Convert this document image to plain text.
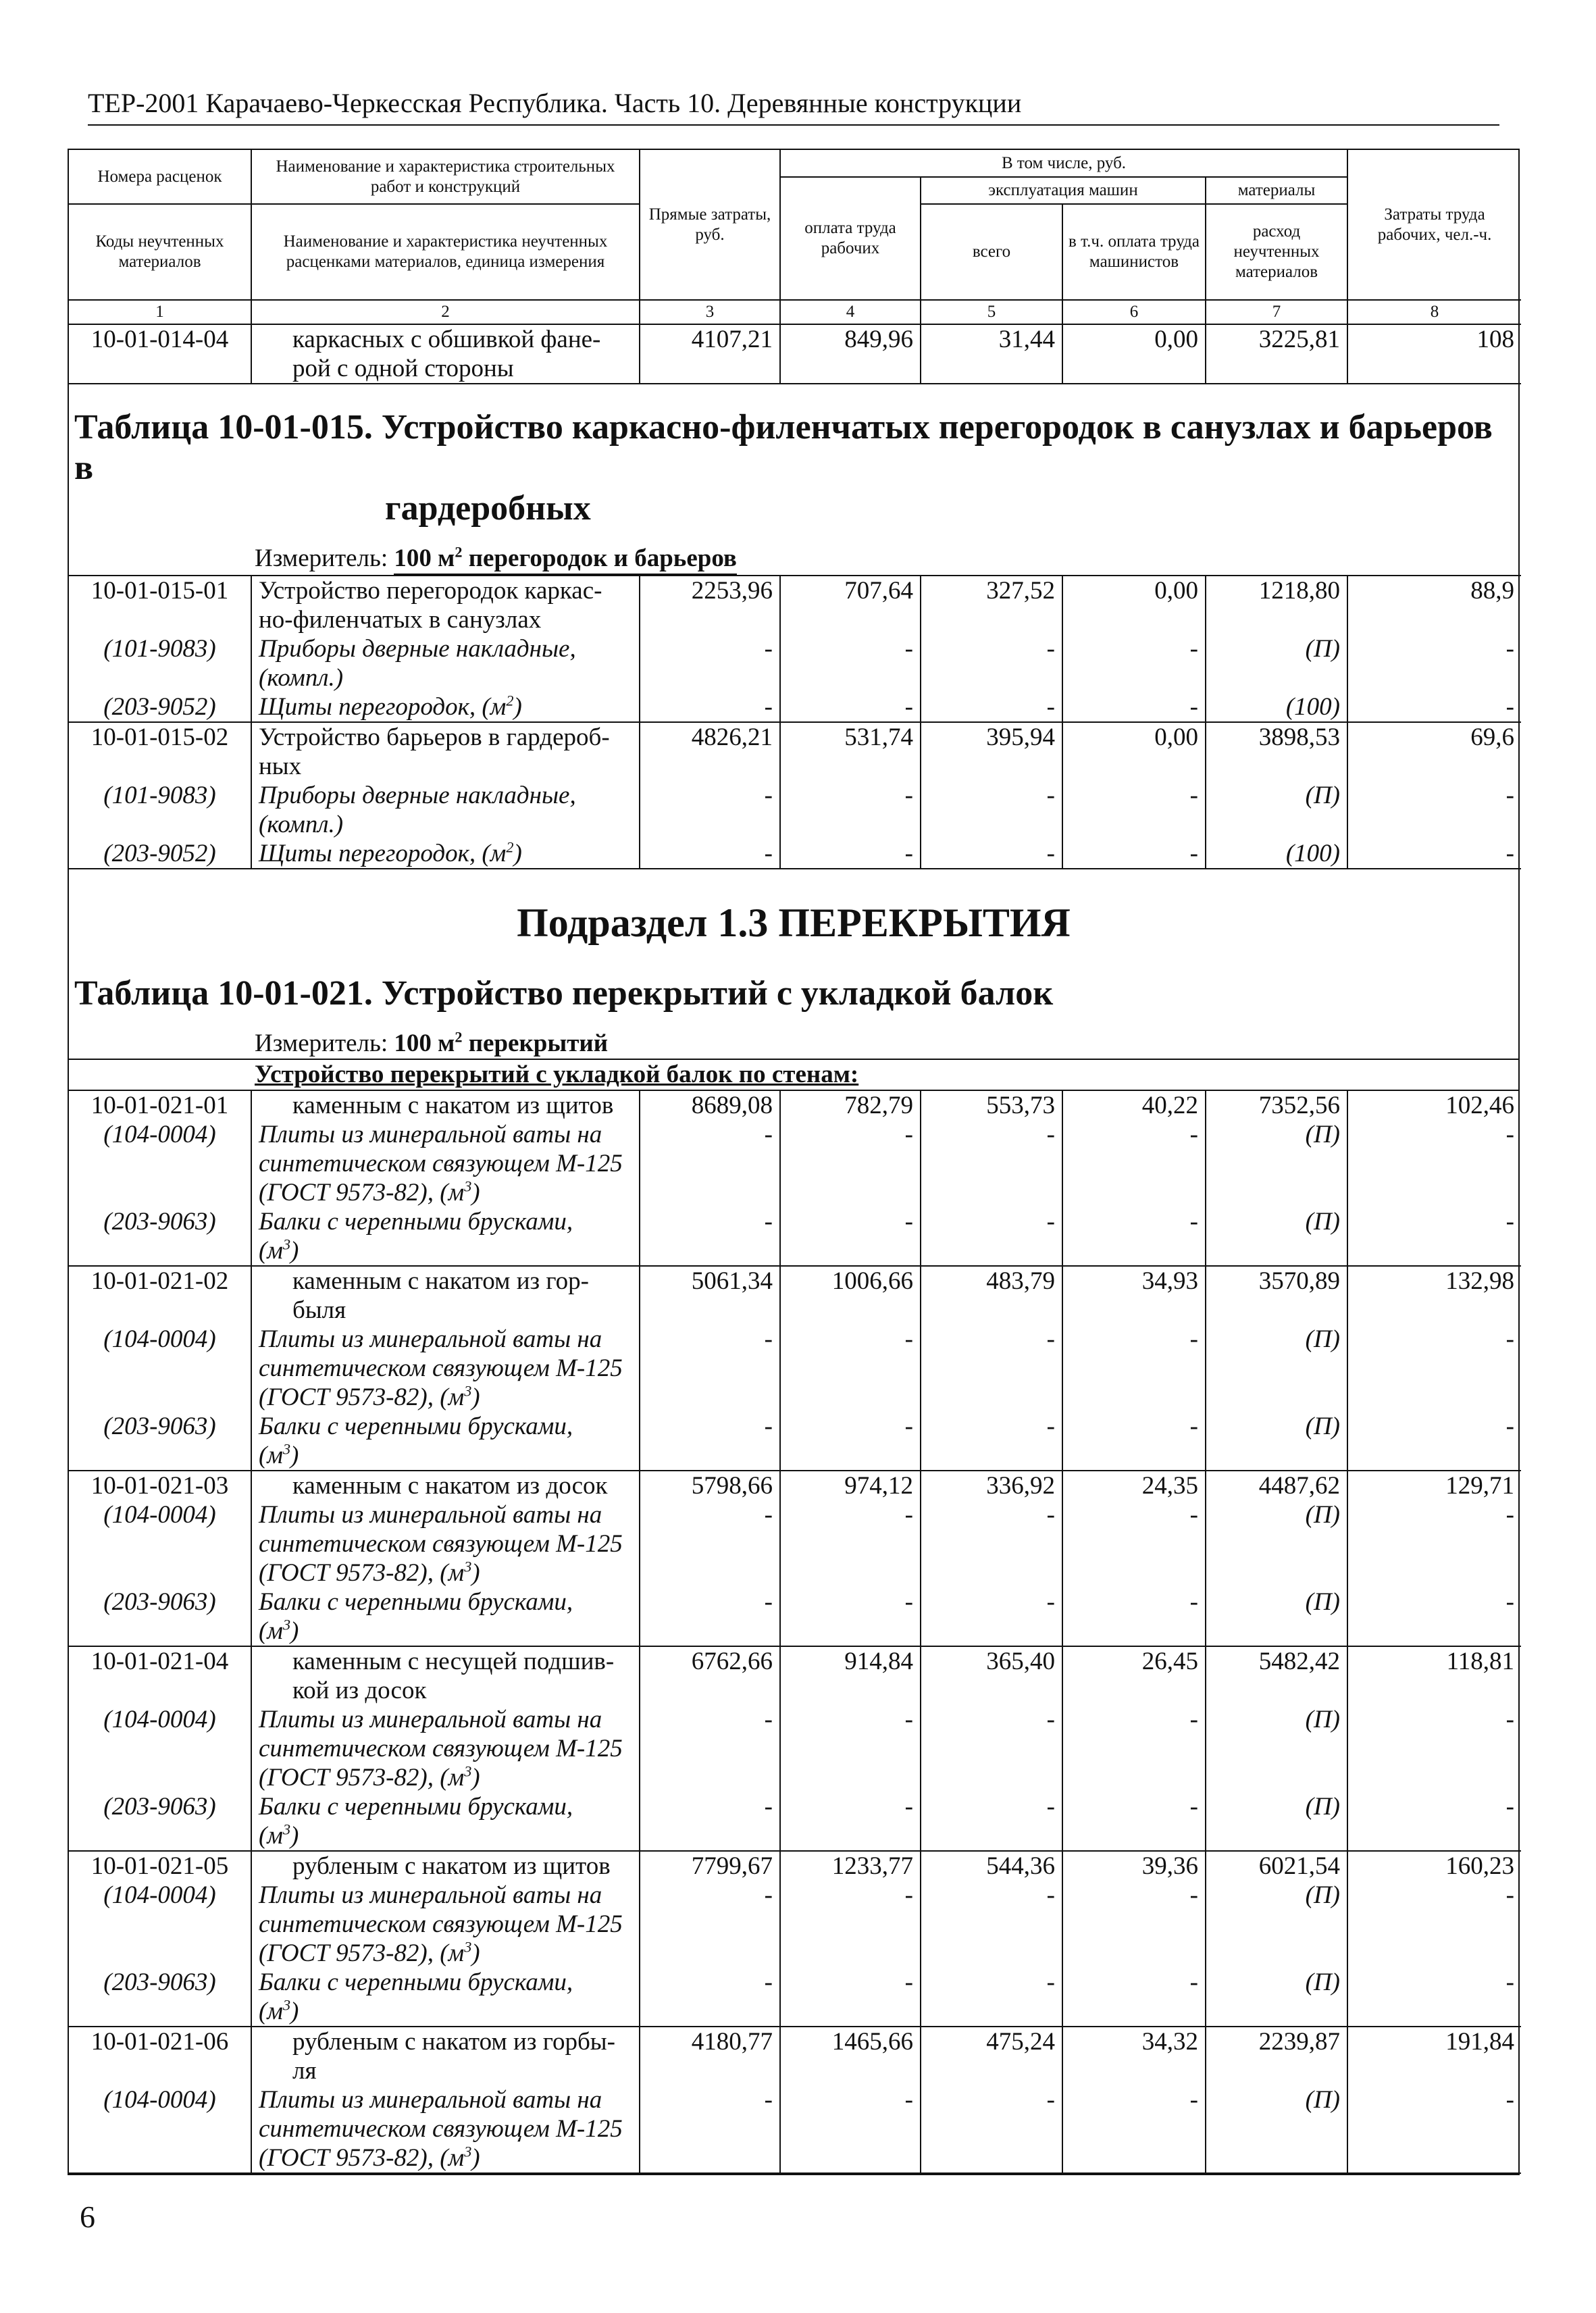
ТЕР-2001 Карачаево-Черкесская Республика. Часть 10. Деревянные конструкции
Номера расценок	Наименование и характеристика строительных работ и конструкций	Прямые затраты, руб.	В том числе, руб.				Затраты труда рабочих, чел.-ч.
			оплата труда рабочих	эксплуатация машин		материалы	
Коды неучтенных материалов	Наименование и характеристика неучтенных расценками материалов, единица измерения			всего	в т.ч. оплата труда машинистов	расход неучтенных материалов	

1	2	3	4	5	6	7	8
10-01-014-04	каркасных с обшивкой фане-
рой с одной стороны	4107,21	849,96	31,44	0,00	3225,81	108
Таблица 10-01-015. Устройство каркасно-филенчатых перегородок в санузлах и барьеров в
гардеробных
Измеритель: 100 $м^2$ перегородок и барьеров
10-01-015-01	Устройство перегородок каркас-
но-филенчатых в санузлах	2253,96	707,64	327,52	0,00	1218,80	88,9
(101-9083)	Приборы дверные накладные,
(компл.)	-	-	-	-	(П)	-
(203-9052)	Щиты перегородок, $(м^2)$	-	-	-	-	(100)	-
10-01-015-02	Устройство барьеров в гардероб-
ных	4826,21	531,74	395,94	0,00	3898,53	69,6
(101-9083)	Приборы дверные накладные,
(компл.)	-	-	-	-	(П)	-
(203-9052)	Щиты перегородок, $(м^2)$	-	-	-	-	(100)	-
Подраздел 1.3 ПЕРЕКРЫТИЯ
Таблица 10-01-021. Устройство перекрытий с укладкой балок
Измеритель: 100 $м^2$ перекрытий
Устройство перекрытий с укладкой балок по стенам:
10-01-021-01	каменным с накатом из щитов	8689,08	782,79	553,73	40,22	7352,56	102,46
(104-0004)	Плиты из минеральной ваты на
синтетическом связующем М-125
(ГОСТ 9573-82), $(м^3)$	-	-	-	-	(П)	-
(203-9063)	Балки с черепными брусками,
$(м^3)$	-	-	-	-	(П)	-
10-01-021-02	каменным с накатом из гор-
быля	5061,34	1006,66	483,79	34,93	3570,89	132,98
(104-0004)	Плиты из минеральной ваты на
синтетическом связующем М-125
(ГОСТ 9573-82), $(м^3)$	-	-	-	-	(П)	-
(203-9063)	Балки с черепными брусками,
$(м^3)$	-	-	-	-	(П)	-
10-01-021-03	каменным с накатом из досок	5798,66	974,12	336,92	24,35	4487,62	129,71
(104-0004)	Плиты из минеральной ваты на
синтетическом связующем М-125
(ГОСТ 9573-82), $(м^3)$	-	-	-	-	(П)	-
(203-9063)	Балки с черепными брусками,
$(м^3)$	-	-	-	-	(П)	-
10-01-021-04	каменным с несущей подшив-
кой из досок	6762,66	914,84	365,40	26,45	5482,42	118,81
(104-0004)	Плиты из минеральной ваты на
синтетическом связующем М-125
(ГОСТ 9573-82), $(м^3)$	-	-	-	-	(П)	-
(203-9063)	Балки с черепными брусками,
$(м^3)$	-	-	-	-	(П)	-
10-01-021-05	рубленым с накатом из щитов	7799,67	1233,77	544,36	39,36	6021,54	160,23
(104-0004)	Плиты из минеральной ваты на
синтетическом связующем М-125
(ГОСТ 9573-82), $(м^3)$	-	-	-	-	(П)	-
(203-9063)	Балки с черепными брусками,
$(м^3)$	-	-	-	-	(П)	-
10-01-021-06	рубленым с накатом из горбы-
ля	4180,77	1465,66	475,24	34,32	2239,87	191,84
(104-0004)	Плиты из минеральной ваты на
синтетическом связующем М-125
(ГОСТ 9573-82), $(м^3)$	-	-	-	-	(П)	-
6
